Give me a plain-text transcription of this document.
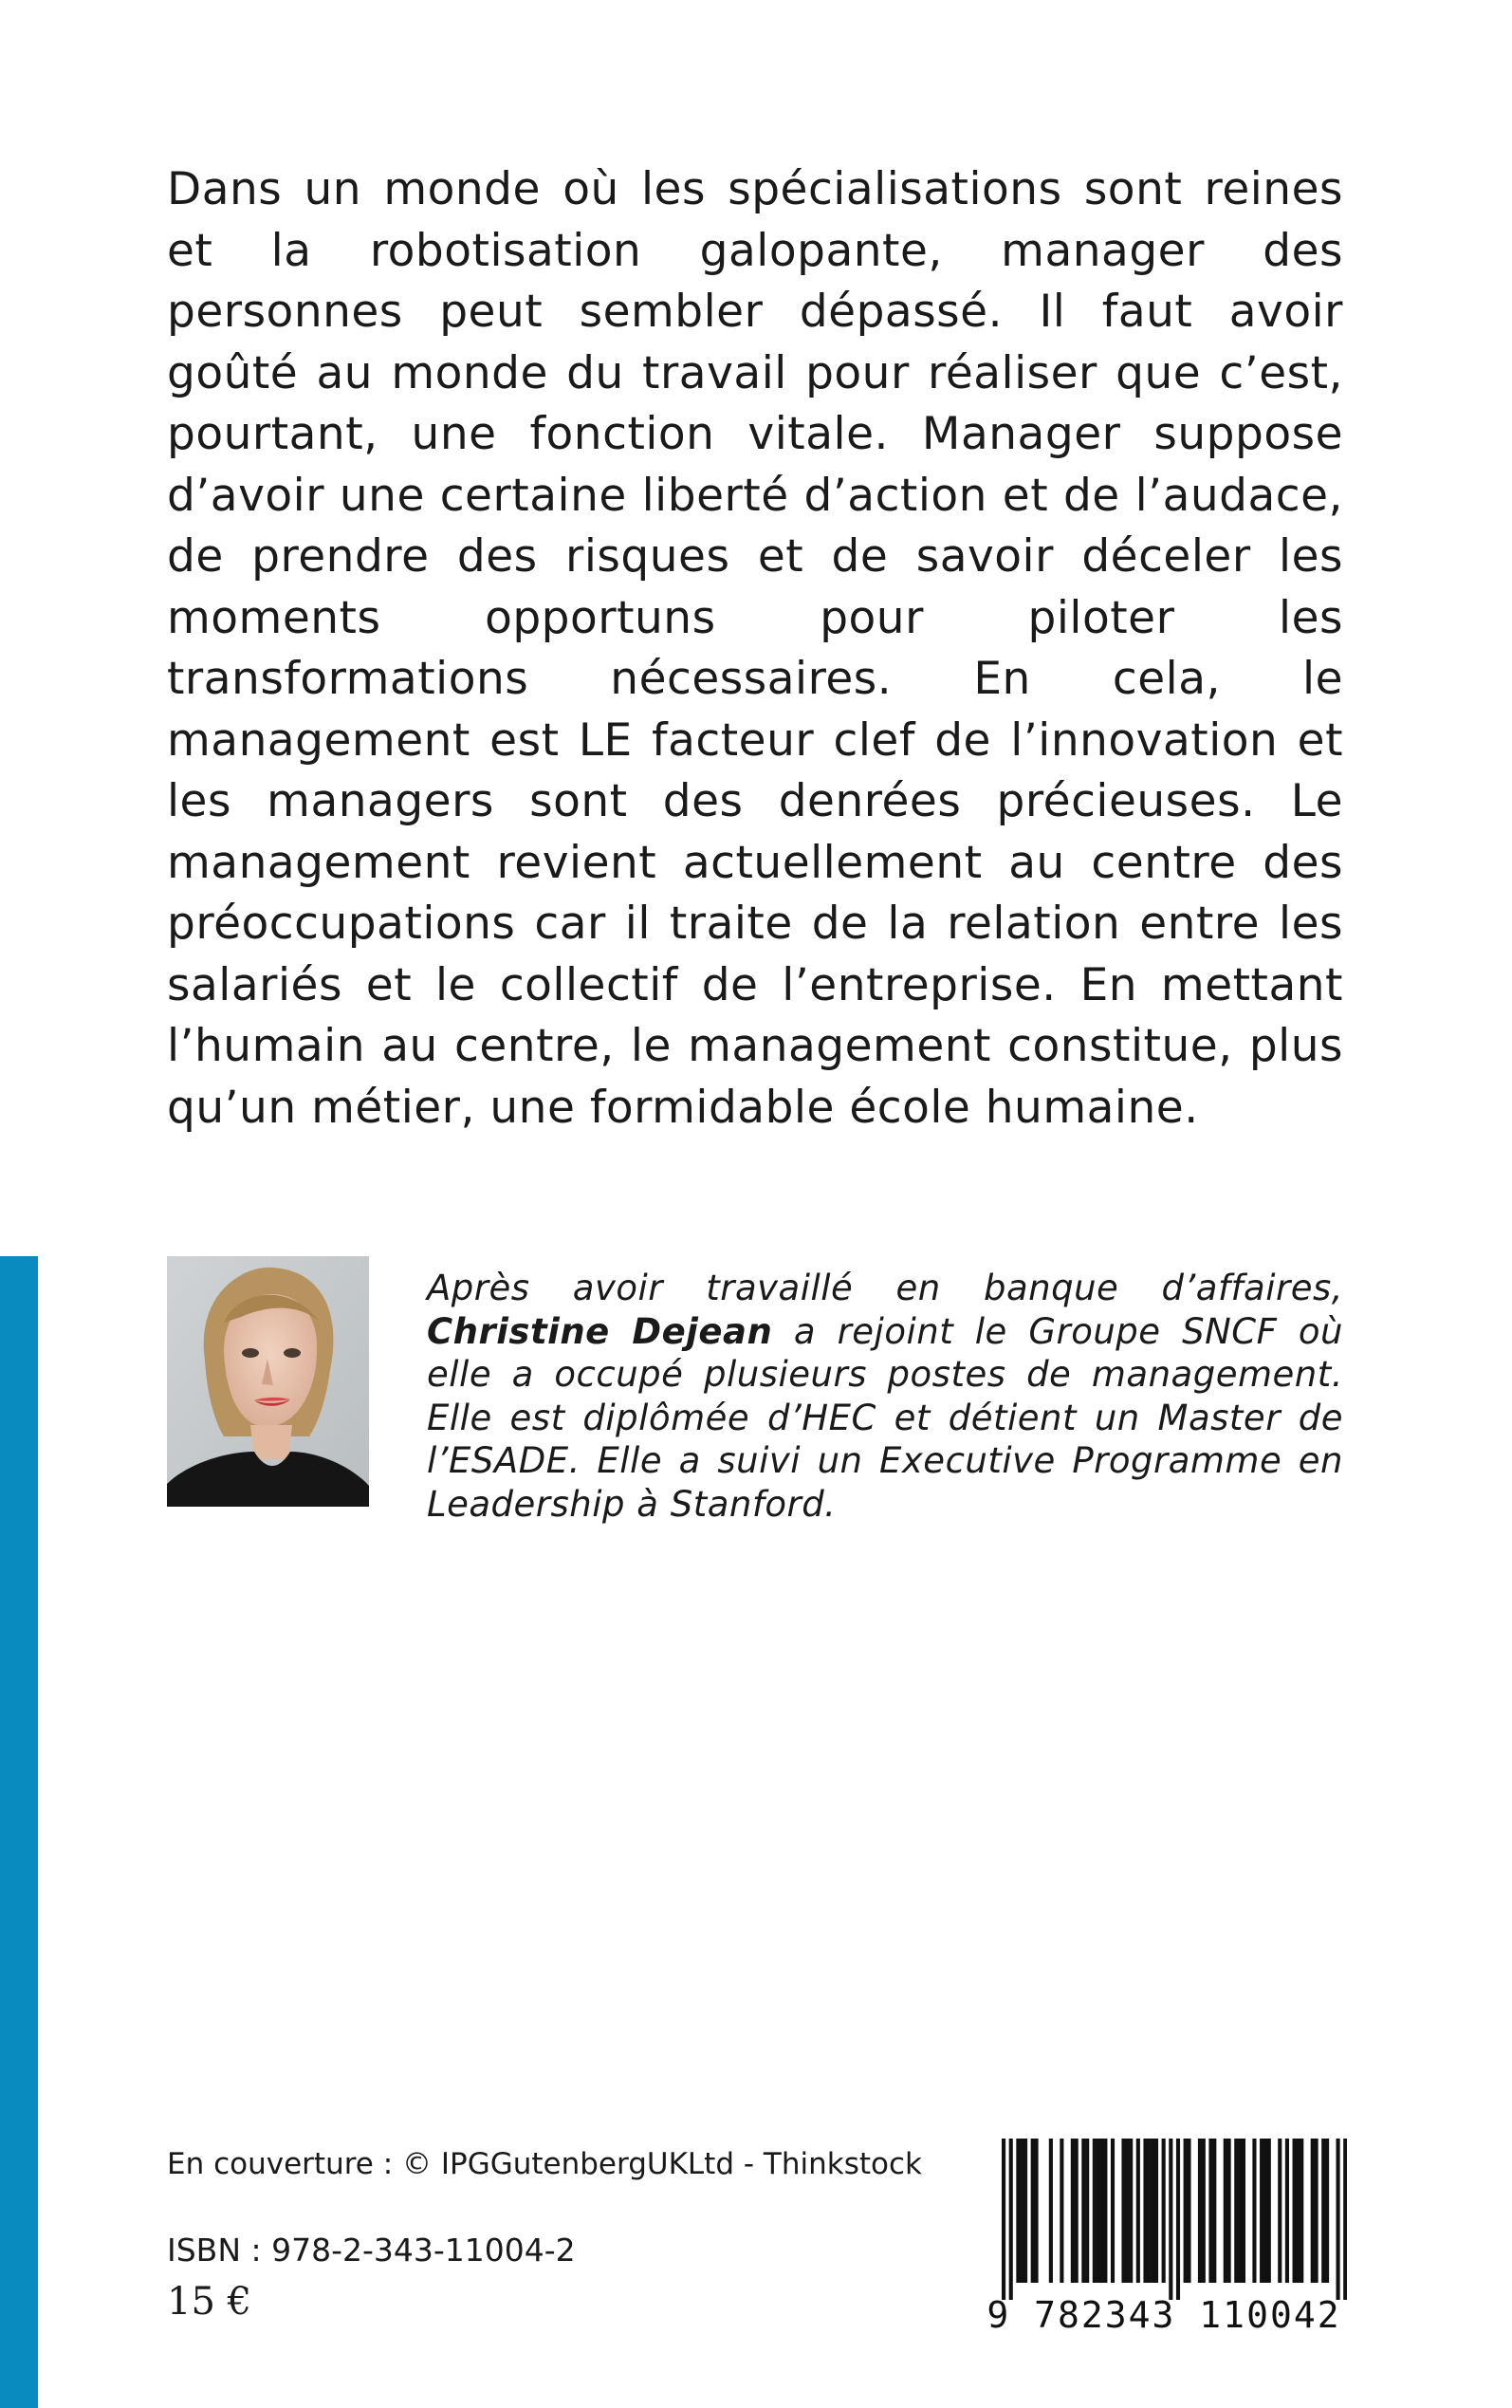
Dans un monde où les spécialisations sont reines et la robotisation galopante, manager des personnes peut sembler dépassé. Il faut avoir goûté au monde du travail pour réaliser que c’est, pourtant, une fonction vitale. Manager suppose d’avoir une certaine liberté d’action et de l’audace, de prendre des risques et de savoir déceler les moments opportuns pour piloter les transformations nécessaires. En cela, le management est LE facteur clef de l’innovation et les managers sont des denrées précieuses. Le management revient actuellement au centre des préoccupations car il traite de la relation entre les salariés et le collectif de l’entreprise. En mettant l’humain au centre, le management constitue, plus qu’un métier, une formidable école humaine.

Après avoir travaillé en banque d’affaires, Christine Dejean a rejoint le Groupe SNCF où elle a occupé plusieurs postes de management. Elle est diplômée d’HEC et détient un Master de l’ESADE. Elle a suivi un Executive Programme en Leadership à Stanford.

En couverture : © IPGGutenbergUKLtd - Thinkstock
ISBN : 978-2-343-11004-2
15 €	9 782343 110042
